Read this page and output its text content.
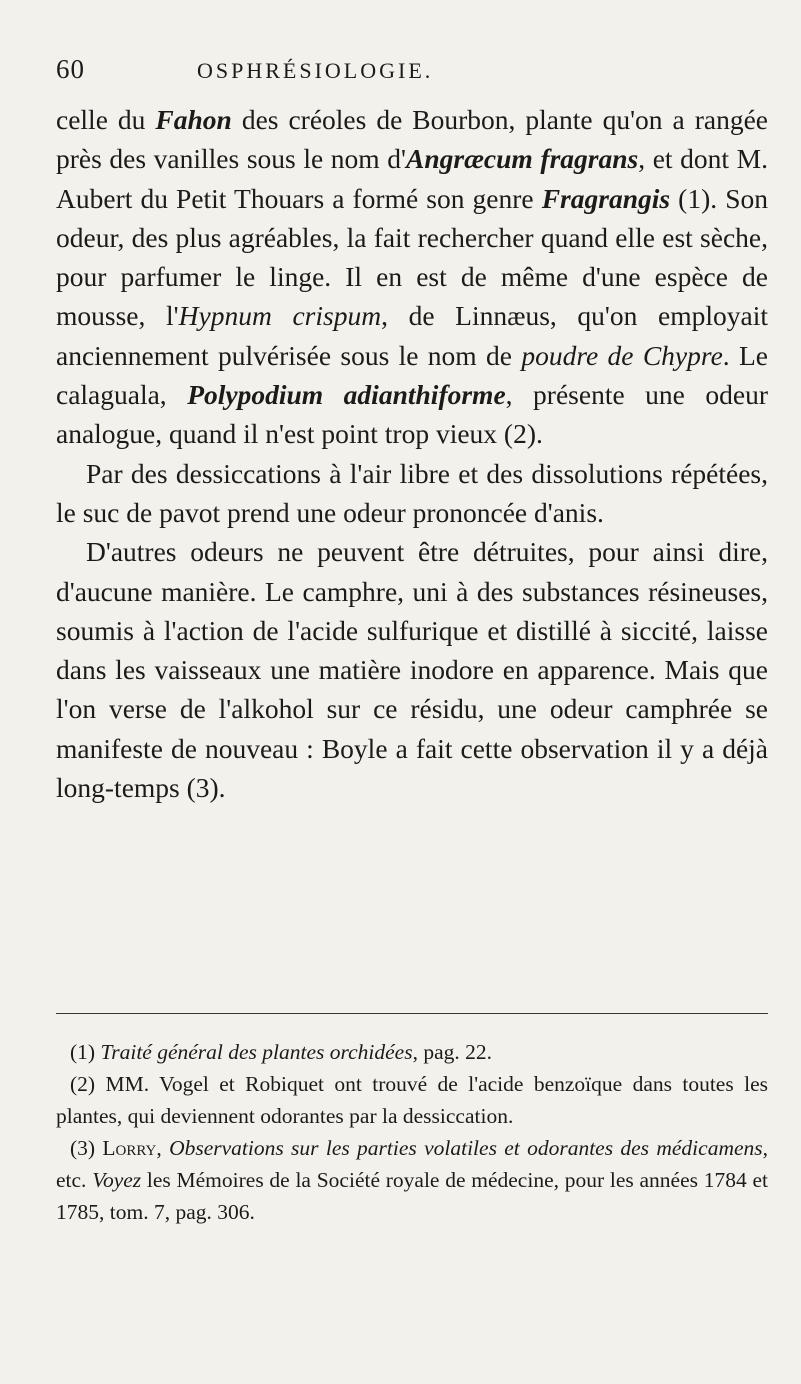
60	OSPHRÉSIOLOGIE.

celle du Fahon des créoles de Bourbon, plante qu'on a rangée près des vanilles sous le nom d'Angræcum fragrans, et dont M. Aubert du Petit Thouars a formé son genre Fragrangis (1). Son odeur, des plus agréables, la fait rechercher quand elle est sèche, pour parfumer le linge. Il en est de même d'une espèce de mousse, l'Hypnum crispum, de Linnæus, qu'on employait anciennement pulvérisée sous le nom de poudre de Chypre. Le calaguala, Polypodium adianthiforme, présente une odeur analogue, quand il n'est point trop vieux (2).

Par des dessiccations à l'air libre et des dissolutions répétées, le suc de pavot prend une odeur prononcée d'anis.

D'autres odeurs ne peuvent être détruites, pour ainsi dire, d'aucune manière. Le camphre, uni à des substances résineuses, soumis à l'action de l'acide sulfurique et distillé à siccité, laisse dans les vaisseaux une matière inodore en apparence. Mais que l'on verse de l'alkohol sur ce résidu, une odeur camphrée se manifeste de nouveau : Boyle a fait cette observation il y a déjà long-temps (3).

(1) Traité général des plantes orchidées, pag. 22.

(2) MM. Vogel et Robiquet ont trouvé de l'acide benzoïque dans toutes les plantes, qui deviennent odorantes par la dessiccation.

(3) Lorry, Observations sur les parties volatiles et odorantes des médicamens, etc. Voyez les Mémoires de la Société royale de médecine, pour les années 1784 et 1785, tom. 7, pag. 306.
